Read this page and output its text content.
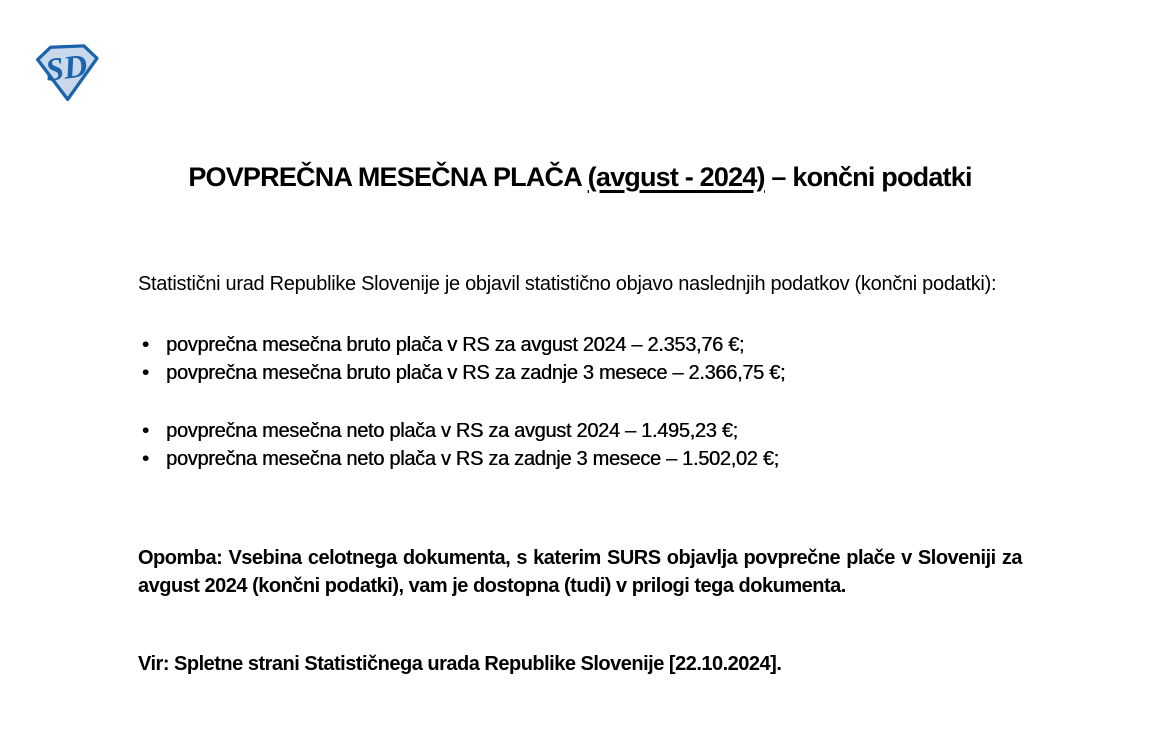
SD
POVPREČNA MESEČNA PLAČA (avgust - 2024) – končni podatki

Statistični urad Republike Slovenije je objavil statistično objavo naslednjih podatkov (končni podatki):

• povprečna mesečna bruto plača v RS za avgust 2024 – 2.353,76 €;
• povprečna mesečna bruto plača v RS za zadnje 3 mesece – 2.366,75 €;
• povprečna mesečna neto plača v RS za avgust 2024 – 1.495,23 €;
• povprečna mesečna neto plača v RS za zadnje 3 mesece – 1.502,02 €;

Opomba: Vsebina celotnega dokumenta, s katerim SURS objavlja povprečne plače v Sloveniji za avgust 2024 (končni podatki), vam je dostopna (tudi) v prilogi tega dokumenta.

Vir: Spletne strani Statističnega urada Republike Slovenije [22.10.2024].
